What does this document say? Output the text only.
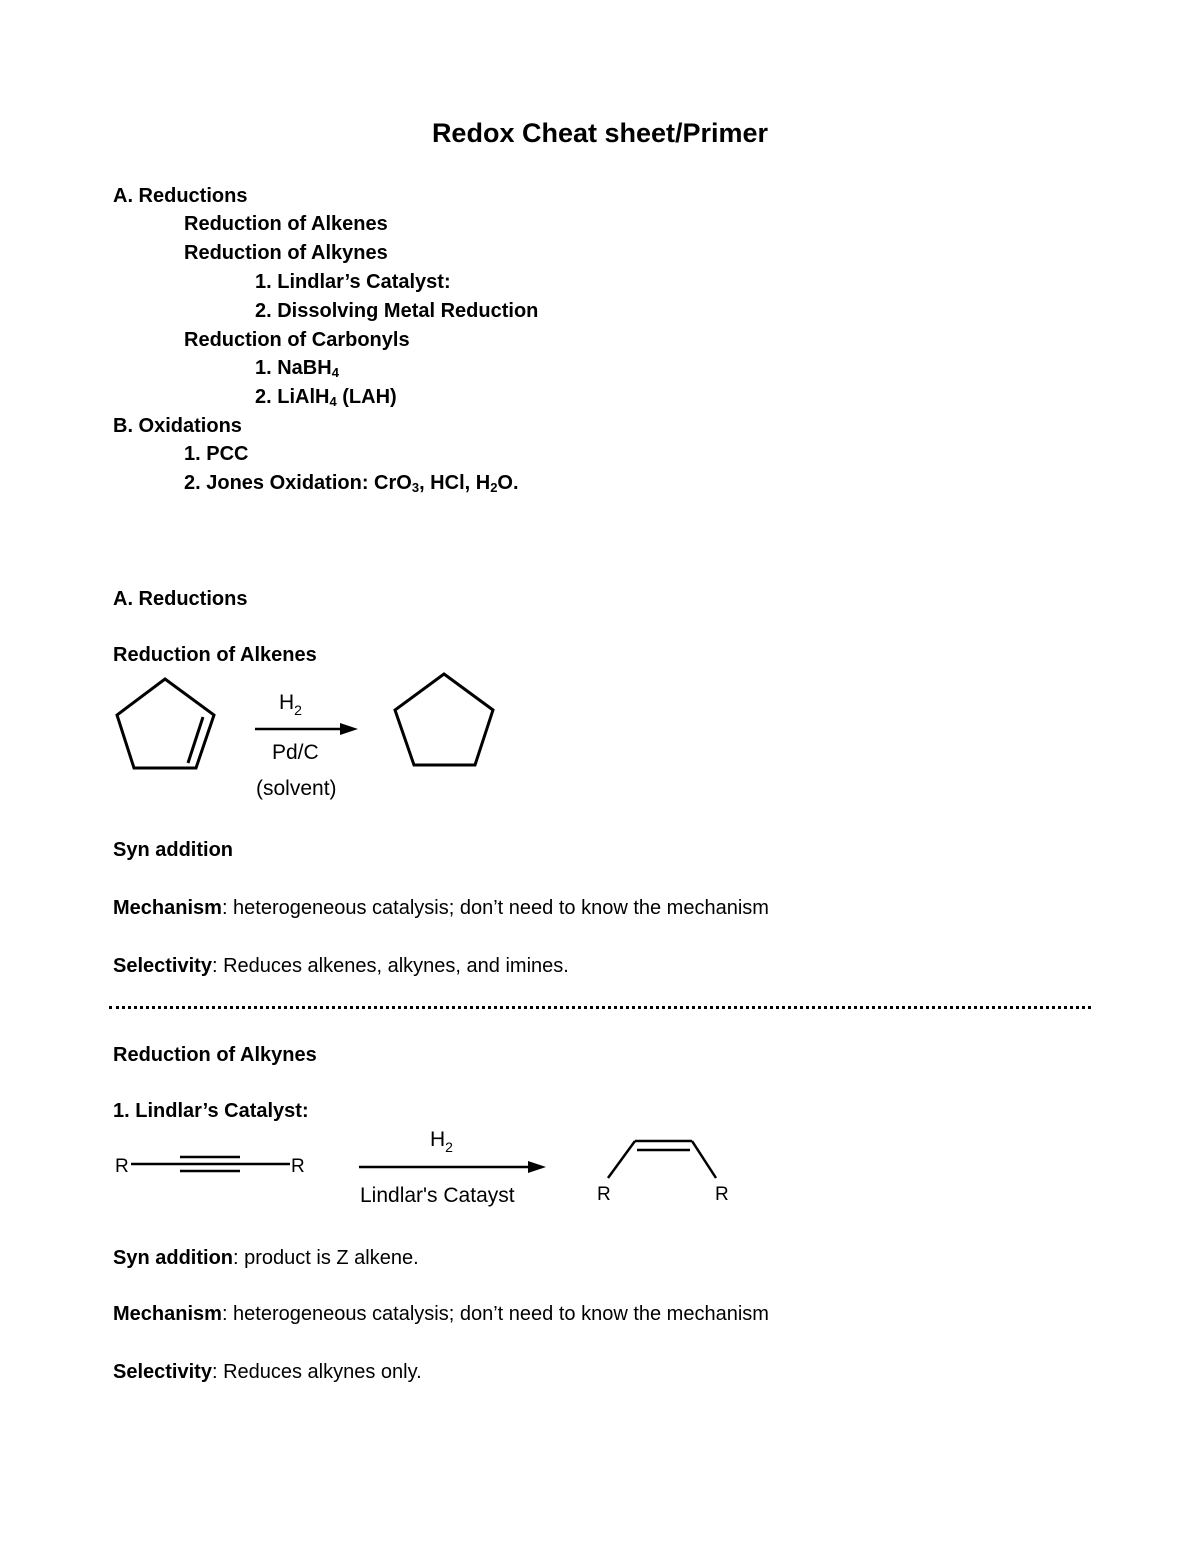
Redox Cheat sheet/Primer
A. Reductions
Reduction of Alkenes
Reduction of Alkynes
1. Lindlar’s Catalyst:
2. Dissolving Metal Reduction
Reduction of Carbonyls
1. NaBH$_4$
2. LiAlH$_4$ (LAH)
B. Oxidations
1. PCC
2. Jones Oxidation: CrO$_3$, HCl, $H_2O$.
A. Reductions
Reduction of Alkenes
$H_2$
Pd/C
(solvent)
Syn addition
Mechanism: heterogeneous catalysis; don’t need to know the mechanism
Selectivity: Reduces alkenes, alkynes, and imines.
Reduction of Alkynes
1. Lindlar’s Catalyst:
R	R
$H_2$
Lindlar's Catayst	R	R
Syn addition: product is Z alkene.
Mechanism: heterogeneous catalysis; don’t need to know the mechanism
Selectivity: Reduces alkynes only.
